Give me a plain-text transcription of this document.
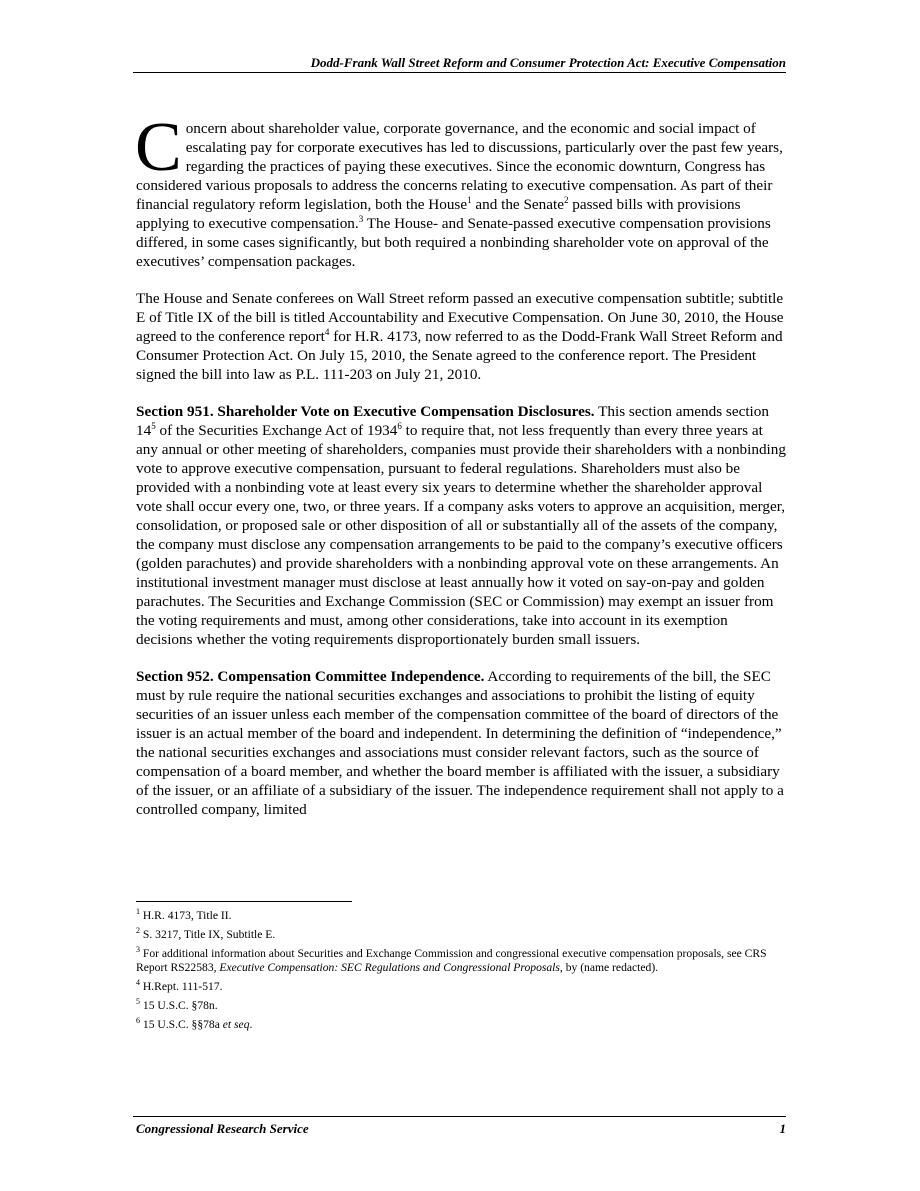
Dodd-Frank Wall Street Reform and Consumer Protection Act: Executive Compensation

Concern about shareholder value, corporate governance, and the economic and social impact of escalating pay for corporate executives has led to discussions, particularly over the past few years, regarding the practices of paying these executives. Since the economic downturn, Congress has considered various proposals to address the concerns relating to executive compensation. As part of their financial regulatory reform legislation, both the House$^1$ and the Senate$^2$ passed bills with provisions applying to executive compensation.$^3$ The House- and Senate-passed executive compensation provisions differed, in some cases significantly, but both required a nonbinding shareholder vote on approval of the executives’ compensation packages.

The House and Senate conferees on Wall Street reform passed an executive compensation subtitle; subtitle E of Title IX of the bill is titled Accountability and Executive Compensation. On June 30, 2010, the House agreed to the conference report$^4$ for H.R. 4173, now referred to as the Dodd-Frank Wall Street Reform and Consumer Protection Act. On July 15, 2010, the Senate agreed to the conference report. The President signed the bill into law as P.L. 111-203 on July 21, 2010.

Section 951. Shareholder Vote on Executive Compensation Disclosures. This section amends section $14^5$ of the Securities Exchange Act of 1934$^6$ to require that, not less frequently than every three years at any annual or other meeting of shareholders, companies must provide their shareholders with a nonbinding vote to approve executive compensation, pursuant to federal regulations. Shareholders must also be provided with a nonbinding vote at least every six years to determine whether the shareholder approval vote shall occur every one, two, or three years. If a company asks voters to approve an acquisition, merger, consolidation, or proposed sale or other disposition of all or substantially all of the assets of the company, the company must disclose any compensation arrangements to be paid to the company’s executive officers (golden parachutes) and provide shareholders with a nonbinding approval vote on these arrangements. An institutional investment manager must disclose at least annually how it voted on say-on-pay and golden parachutes. The Securities and Exchange Commission (SEC or Commission) may exempt an issuer from the voting requirements and must, among other considerations, take into account in its exemption decisions whether the voting requirements disproportionately burden small issuers.

Section 952. Compensation Committee Independence. According to requirements of the bill, the SEC must by rule require the national securities exchanges and associations to prohibit the listing of equity securities of an issuer unless each member of the compensation committee of the board of directors of the issuer is an actual member of the board and independent. In determining the definition of “independence,” the national securities exchanges and associations must consider relevant factors, such as the source of compensation of a board member, and whether the board member is affiliated with the issuer, a subsidiary of the issuer, or an affiliate of a subsidiary of the issuer. The independence requirement shall not apply to a controlled company, limited

$^1$ H.R. 4173, Title II.
$^2$ S. 3217, Title IX, Subtitle E.
$^3$ For additional information about Securities and Exchange Commission and congressional executive compensation proposals, see CRS Report RS22583, Executive Compensation: SEC Regulations and Congressional Proposals, by (name redacted).
$^4$ H.Rept. 111-517.
$^5$ 15 U.S.C. §78n.
$^6$ 15 U.S.C. §§78a et seq.
Congressional Research Service	1
